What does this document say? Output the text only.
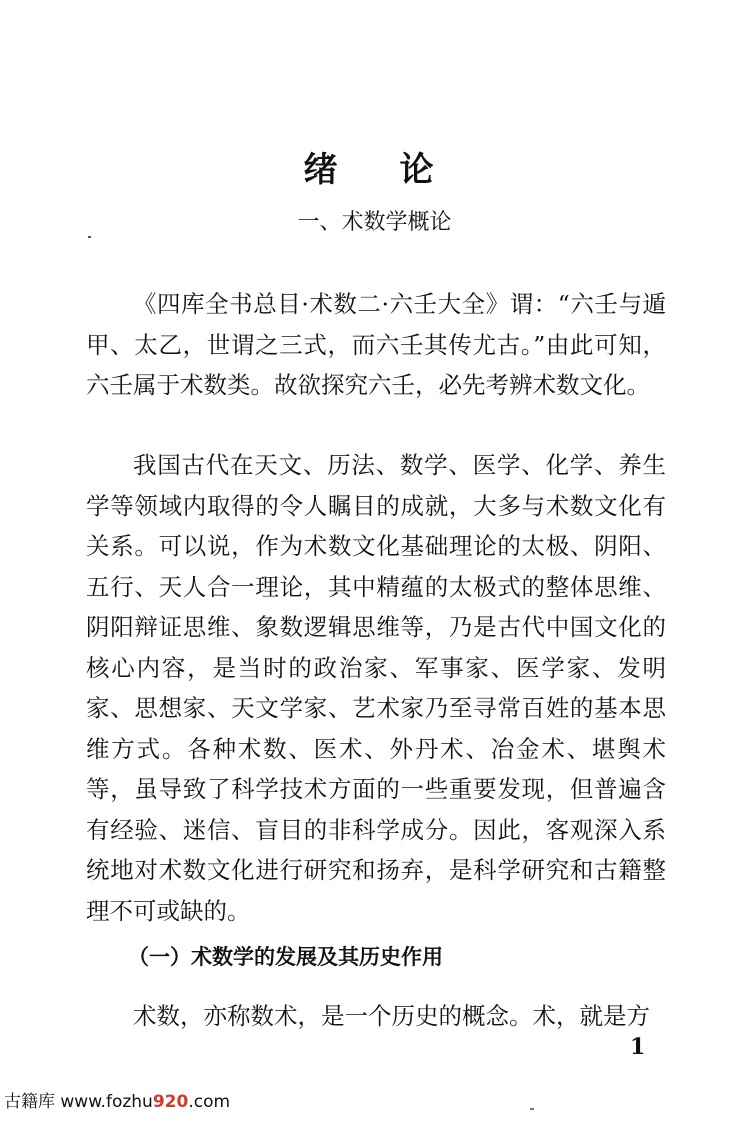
绪论
一、术数学概论

《四库全书总目·术数二·六壬大全》谓：“六壬与遁甲、太乙，世谓之三式，而六壬其传尤古。”由此可知，六壬属于术数类。故欲探究六壬，必先考辨术数文化。

我国古代在天文、历法、数学、医学、化学、养生学等领域内取得的令人瞩目的成就，大多与术数文化有关系。可以说，作为术数文化基础理论的太极、阴阳、五行、天人合一理论，其中精蕴的太极式的整体思维、阴阳辩证思维、象数逻辑思维等，乃是古代中国文化的核心内容，是当时的政治家、军事家、医学家、发明家、思想家、天文学家、艺术家乃至寻常百姓的基本思维方式。各种术数、医术、外丹术、冶金术、堪舆术等，虽导致了科学技术方面的一些重要发现，但普遍含有经验、迷信、盲目的非科学成分。因此，客观深入系统地对术数文化进行研究和扬弃，是科学研究和古籍整理不可或缺的。

（一）术数学的发展及其历史作用

术数，亦称数术，是一个历史的概念。术，就是方

1
古籍库 www.fozhu920.com
